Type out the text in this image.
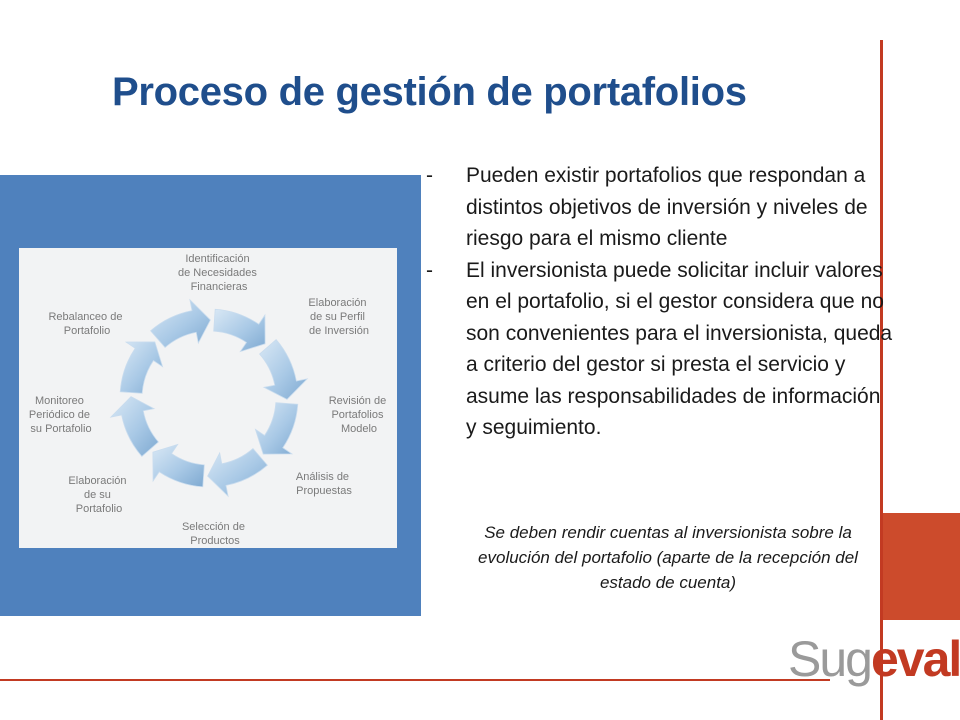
Proceso de gestión de portafolios
Identificación de Necesidades Financieras
Elaboración de su Perfil de Inversión
Revisión de Portafolios Modelo
Análisis de Propuestas
Selección de Productos
Elaboración de su Portafolio
Monitoreo Periódico de su Portafolio
Rebalanceo de Portafolio
- Pueden existir portafolios que respondan a distintos objetivos de inversión y niveles de riesgo para el mismo cliente
- El inversionista puede solicitar incluir valores en el portafolio, si el gestor considera que no son convenientes para el inversionista, queda a criterio del gestor si presta el servicio y asume las responsabilidades de información y seguimiento.
Se deben rendir cuentas al inversionista sobre la evolución del portafolio (aparte de la recepción del estado de cuenta)
Sugeval
